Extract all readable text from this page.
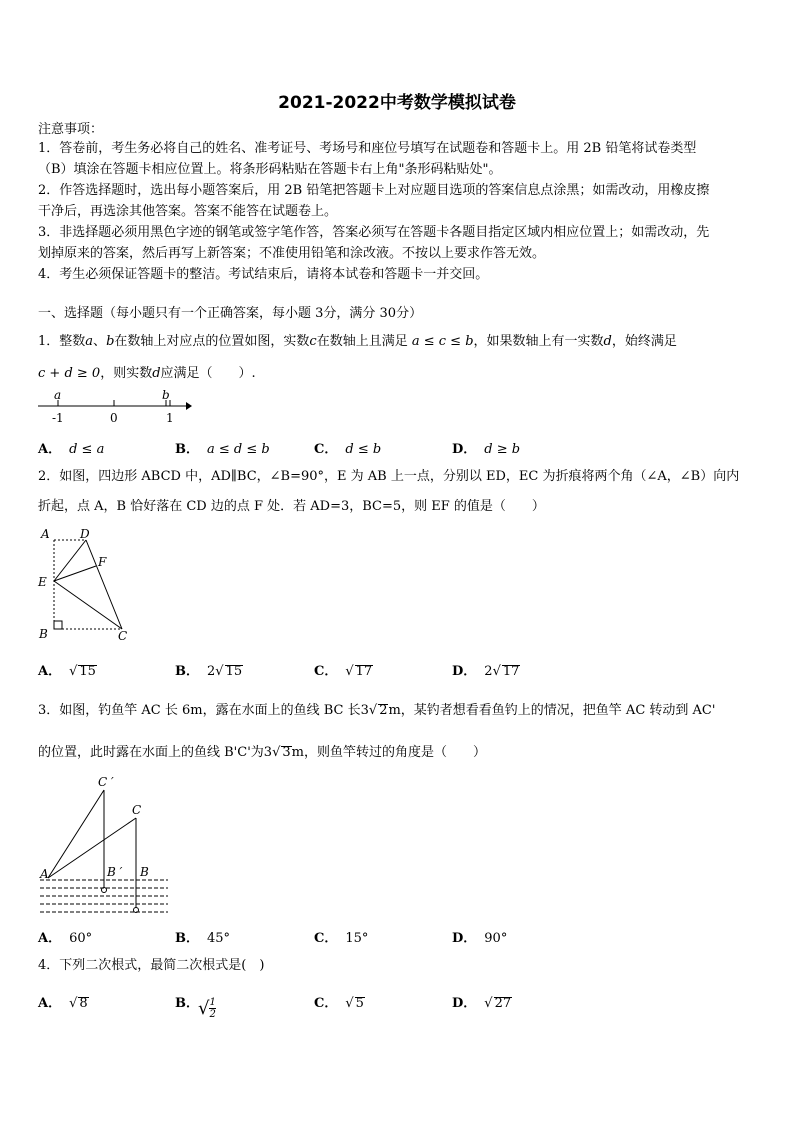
2021-2022中考数学模拟试卷
注意事项：
1．答卷前，考生务必将自己的姓名、准考证号、考场号和座位号填写在试题卷和答题卡上。用 2B 铅笔将试卷类型
（B）填涂在答题卡相应位置上。将条形码粘贴在答题卡右上角"条形码粘贴处"。
2．作答选择题时，选出每小题答案后，用 2B 铅笔把答题卡上对应题目选项的答案信息点涂黑；如需改动，用橡皮擦
干净后，再选涂其他答案。答案不能答在试题卷上。
3．非选择题必须用黑色字迹的钢笔或签字笔作答，答案必须写在答题卡各题目指定区域内相应位置上；如需改动，先
划掉原来的答案，然后再写上新答案；不准使用铅笔和涂改液。不按以上要求作答无效。
4．考生必须保证答题卡的整洁。考试结束后，请将本试卷和答题卡一并交回。
一、选择题（每小题只有一个正确答案，每小题 3分，满分 30分）
1．整数a、b在数轴上对应点的位置如图，实数c在数轴上且满足 a ≤ c ≤ b，如果数轴上有一实数d，始终满足
c + d ≥ 0，则实数d应满足（　　）.
a	b
-1	0	1
A． d ≤ a	B． a ≤ d ≤ b	C． d ≤ b	D． d ≥ b
2．如图，四边形 ABCD 中，AD∥BC，∠B=90°，E 为 AB 上一点，分别以 ED，EC 为折痕将两个角（∠A，∠B）向内
折起，点 A，B 恰好落在 CD 边的点 F 处．若 AD=3，BC=5，则 EF 的值是（　　）
A	D
F
E
B	C
A． √ 15	B． 2√ 15	C． √ 17	D． 2√ 17
3．如图，钓鱼竿 AC 长 6m，露在水面上的鱼线 BC 长3√ 2m，某钓者想看看鱼钓上的情况，把鱼竿 AC 转动到 AC'
的位置，此时露在水面上的鱼线 B'C'为3√ 3m，则鱼竿转过的角度是（　　）
C ′
C
A	B ′ B
A． 60°	B． 45°	C． 15°	D． 90°
4．下列二次根式，最简二次根式是(　)
A． √ 8	B． √ $\frac{1}{2}$	C． √ 5	D． √ 27
